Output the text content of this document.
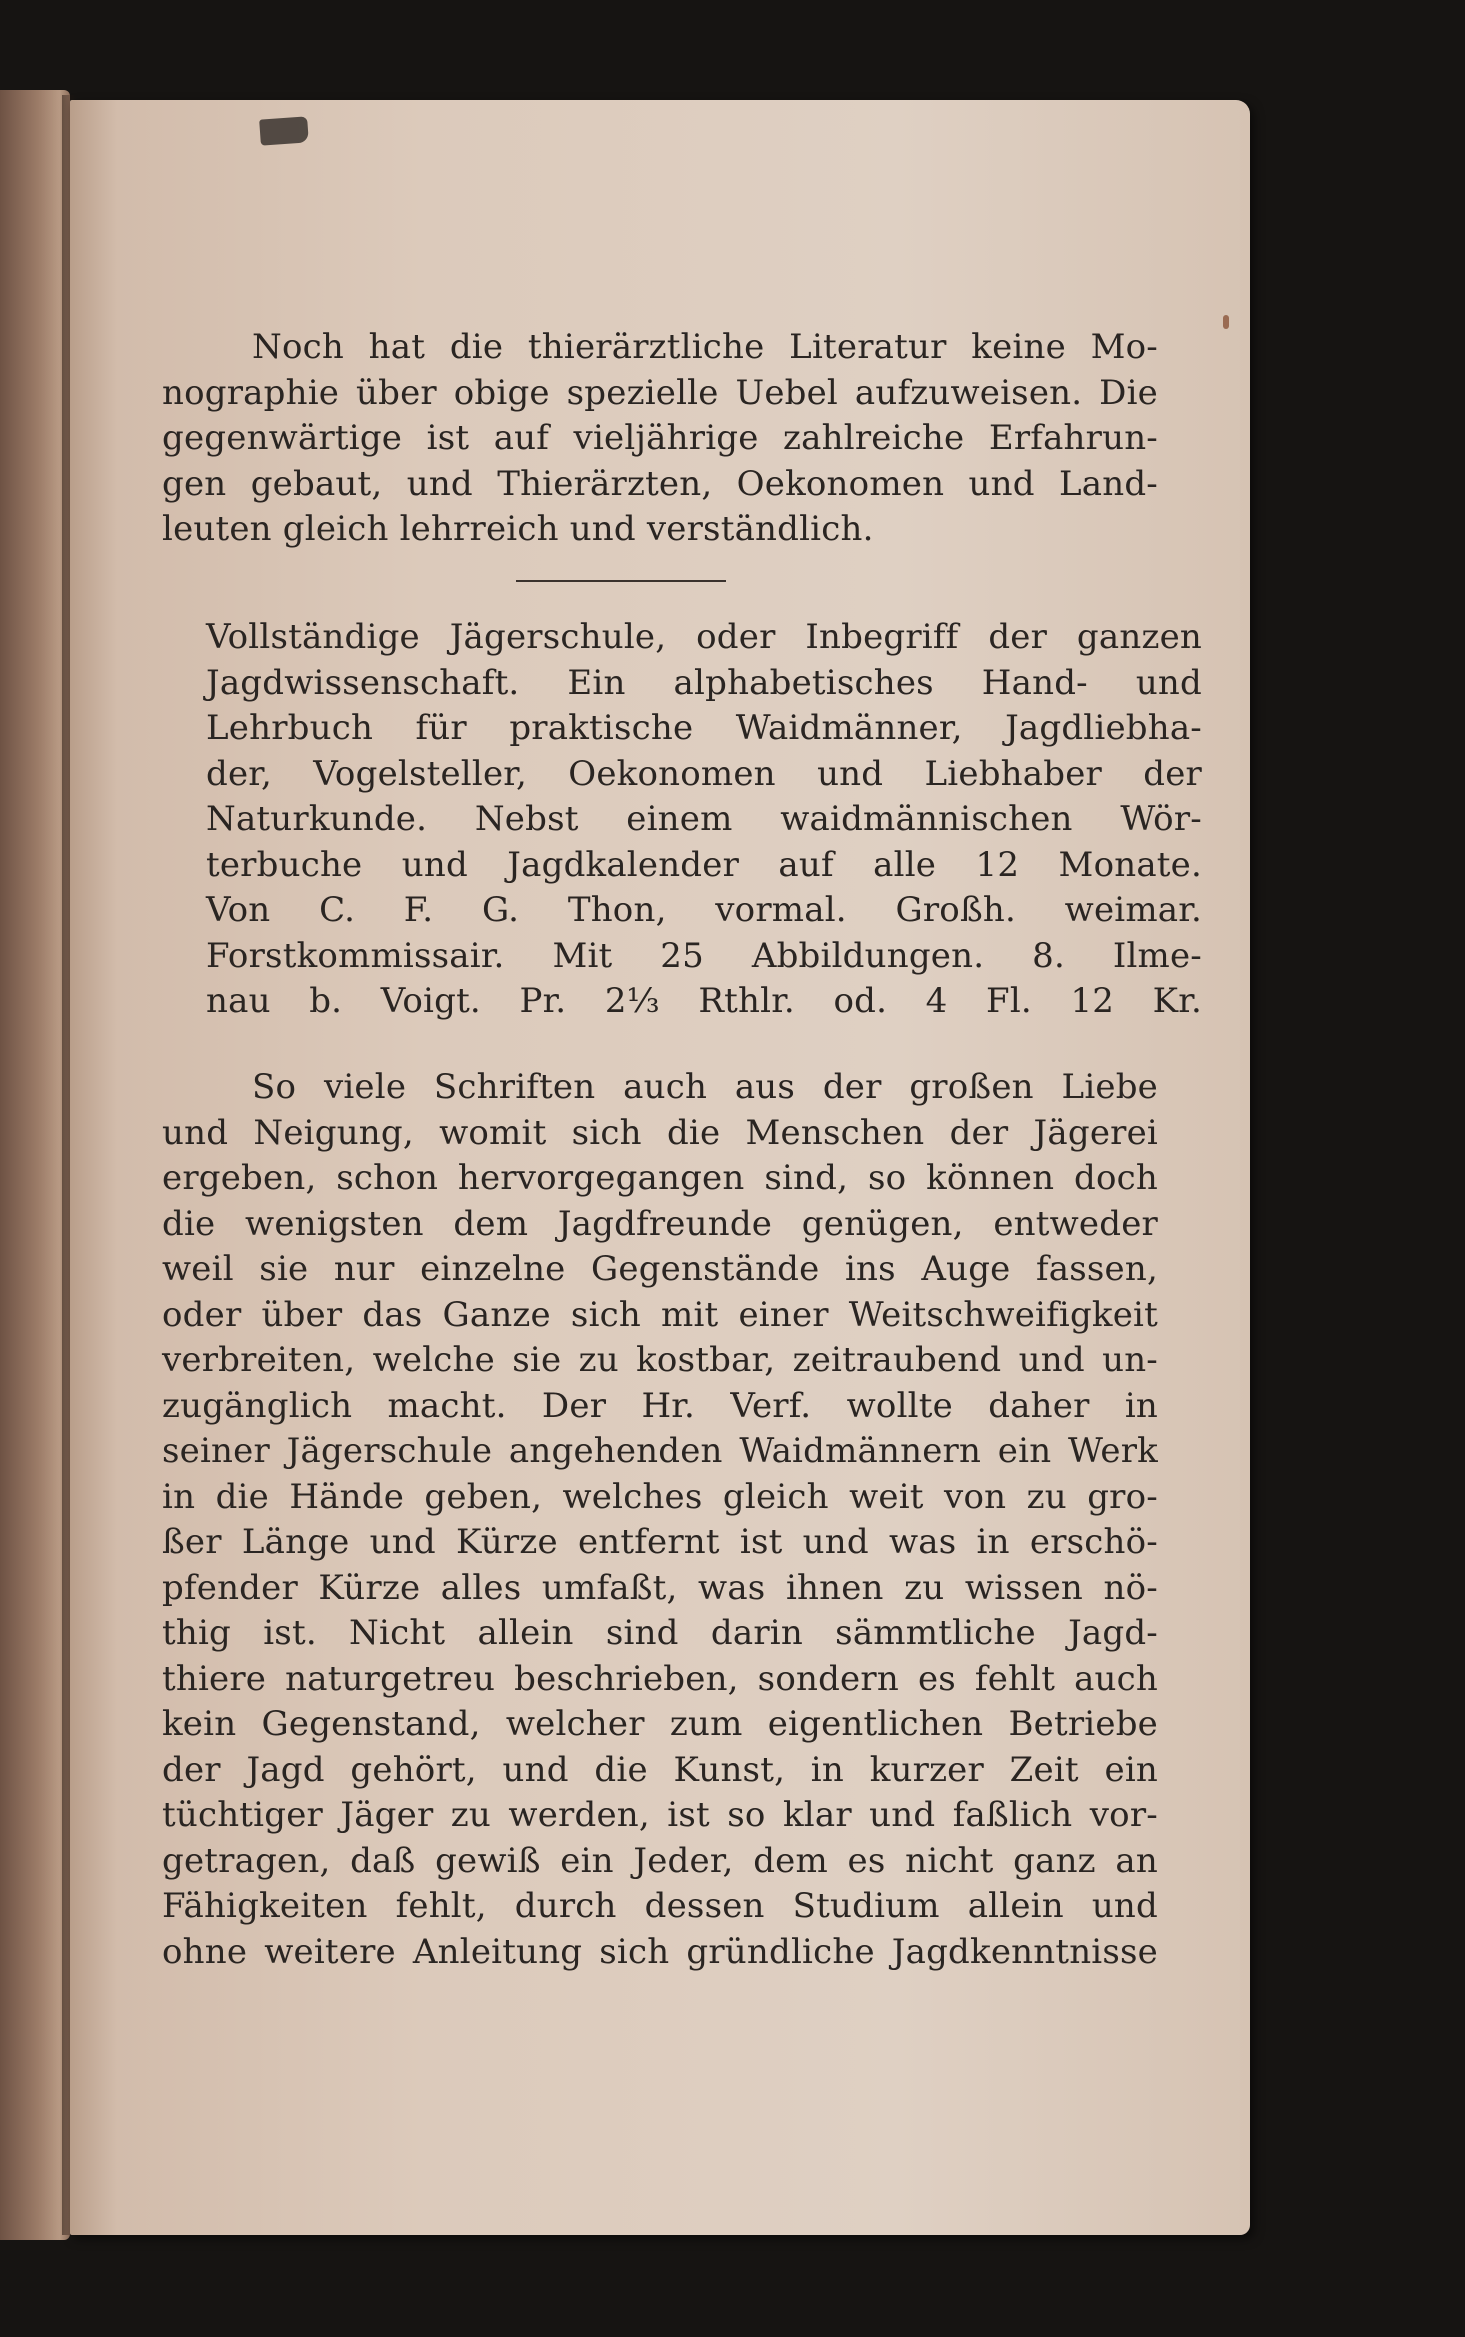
Noch hat die thierärztliche Literatur keine Mo-
nographie über obige spezielle Uebel aufzuweisen. Die
gegenwärtige ist auf vieljährige zahlreiche Erfahrun-
gen gebaut, und Thierärzten, Oekonomen und Land-
leuten gleich lehrreich und verständlich.
Vollständige Jägerschule, oder Inbegriff der ganzen
Jagdwissenschaft. Ein alphabetisches Hand- und
Lehrbuch für praktische Waidmänner, Jagdliebha-
der, Vogelsteller, Oekonomen und Liebhaber der
Naturkunde. Nebst einem waidmännischen Wör-
terbuche und Jagdkalender auf alle 12 Monate.
Von C. F. G. Thon, vormal. Großh. weimar.
Forstkommissair. Mit 25 Abbildungen. 8. Ilme-
nau b. Voigt. Pr. 2⅓ Rthlr. od. 4 Fl. 12 Kr.
So viele Schriften auch aus der großen Liebe
und Neigung, womit sich die Menschen der Jägerei
ergeben, schon hervorgegangen sind, so können doch
die wenigsten dem Jagdfreunde genügen, entweder
weil sie nur einzelne Gegenstände ins Auge fassen,
oder über das Ganze sich mit einer Weitschweifigkeit
verbreiten, welche sie zu kostbar, zeitraubend und un-
zugänglich macht. Der Hr. Verf. wollte daher in
seiner Jägerschule angehenden Waidmännern ein Werk
in die Hände geben, welches gleich weit von zu gro-
ßer Länge und Kürze entfernt ist und was in erschö-
pfender Kürze alles umfaßt, was ihnen zu wissen nö-
thig ist. Nicht allein sind darin sämmtliche Jagd-
thiere naturgetreu beschrieben, sondern es fehlt auch
kein Gegenstand, welcher zum eigentlichen Betriebe
der Jagd gehört, und die Kunst, in kurzer Zeit ein
tüchtiger Jäger zu werden, ist so klar und faßlich vor-
getragen, daß gewiß ein Jeder, dem es nicht ganz an
Fähigkeiten fehlt, durch dessen Studium allein und
ohne weitere Anleitung sich gründliche Jagdkenntnisse
